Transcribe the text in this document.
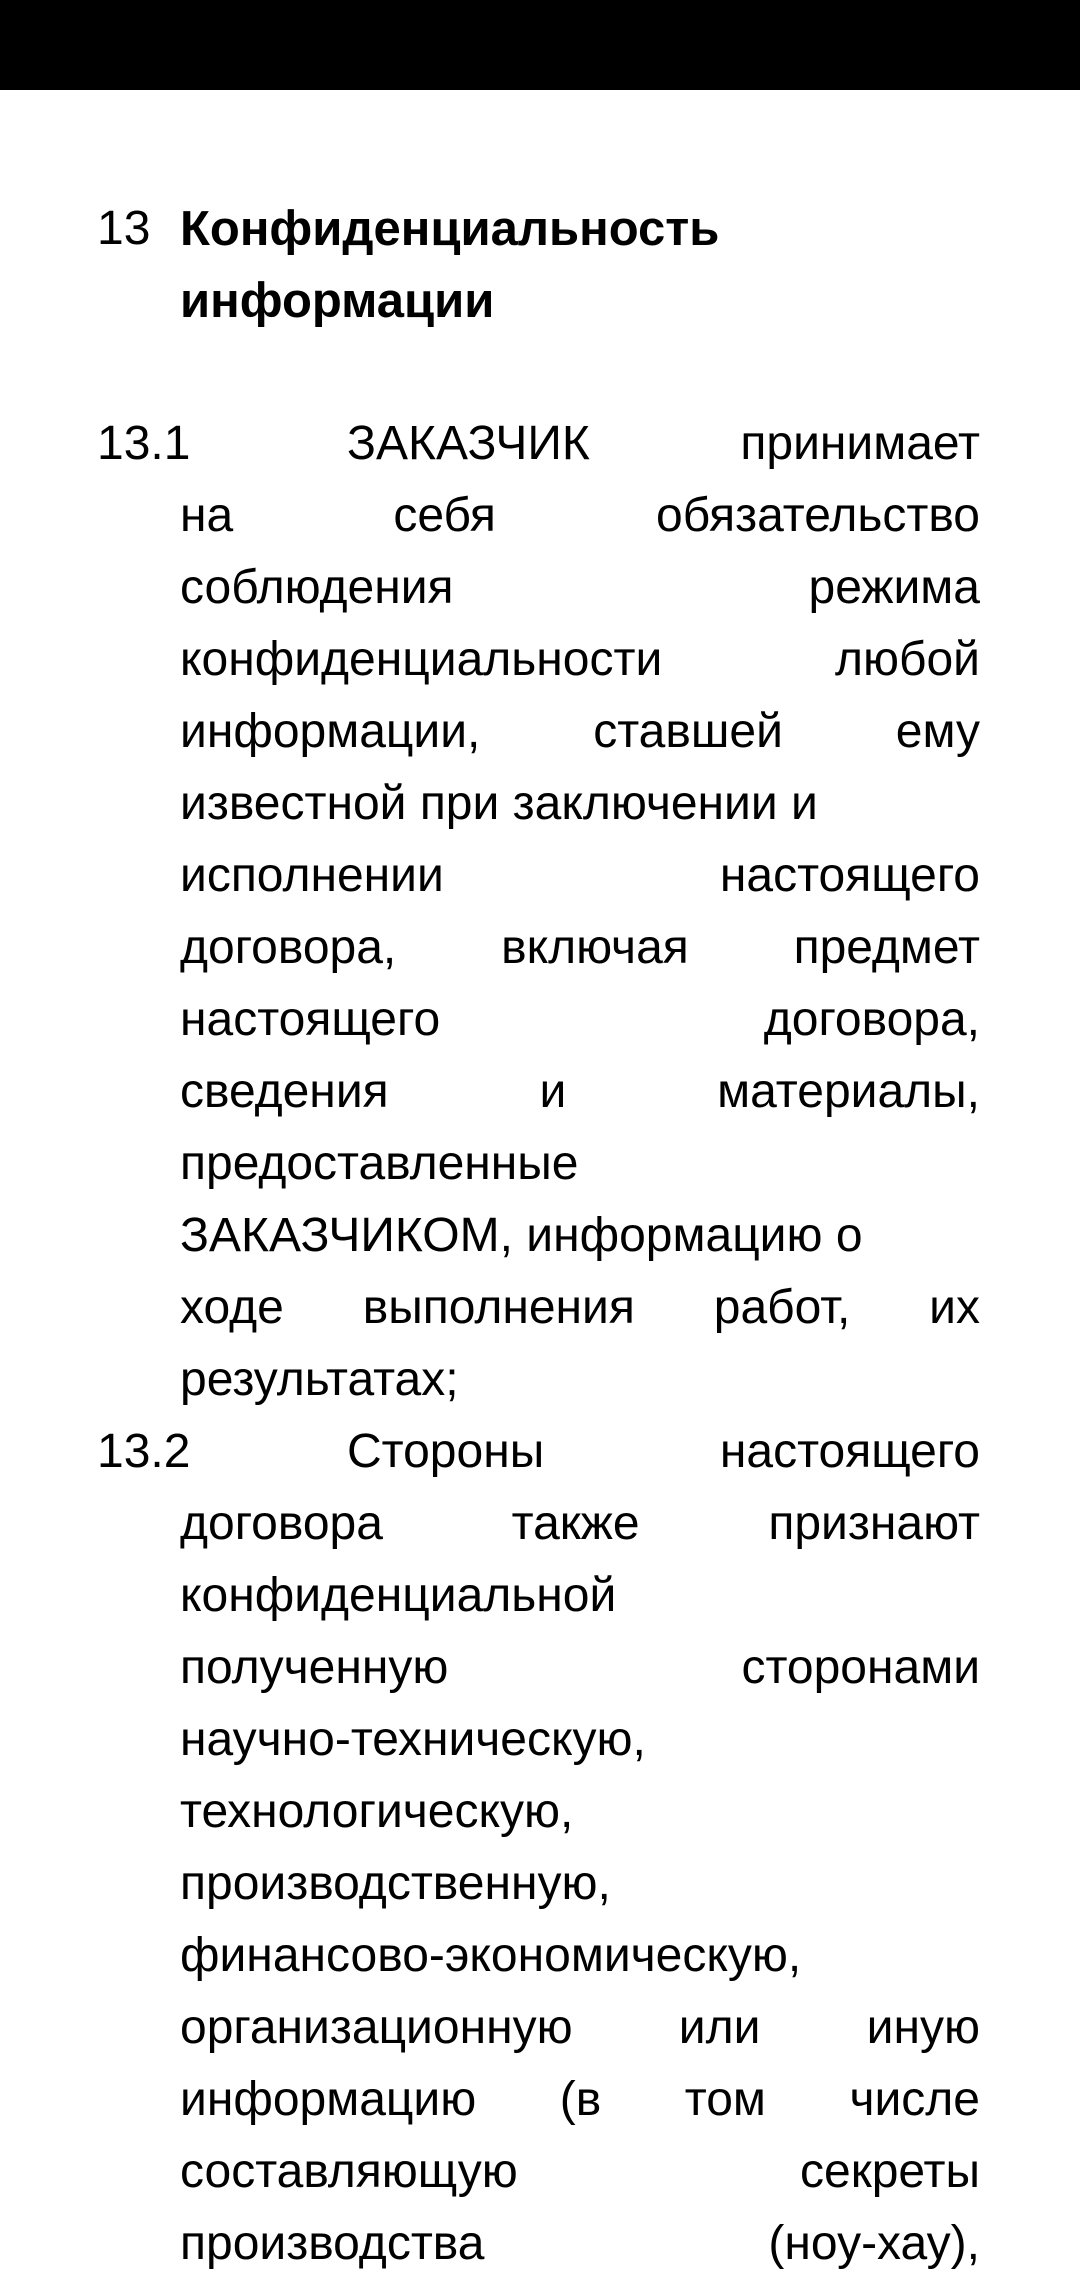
13 Конфиденциальность
информации
13.1	ЗАКАЗЧИК	принимает
на	себя	обязательство
соблюдения	режима
конфиденциальности	любой
информации, ставшей ему
известной при заключении и
исполнении	настоящего
договора, включая предмет
настоящего	договора,
сведения	и	материалы,
предоставленные
ЗАКАЗЧИКОМ, информацию о
ходе выполнения работ, их
результатах;
13.2	Стороны	настоящего
договора	также	признают
конфиденциальной
полученную	сторонами
научно-техническую,
технологическую,
производственную,
финансово-экономическую,
организационную или иную
информацию (в том числе
составляющую	секреты
производства	(ноу-хау),
